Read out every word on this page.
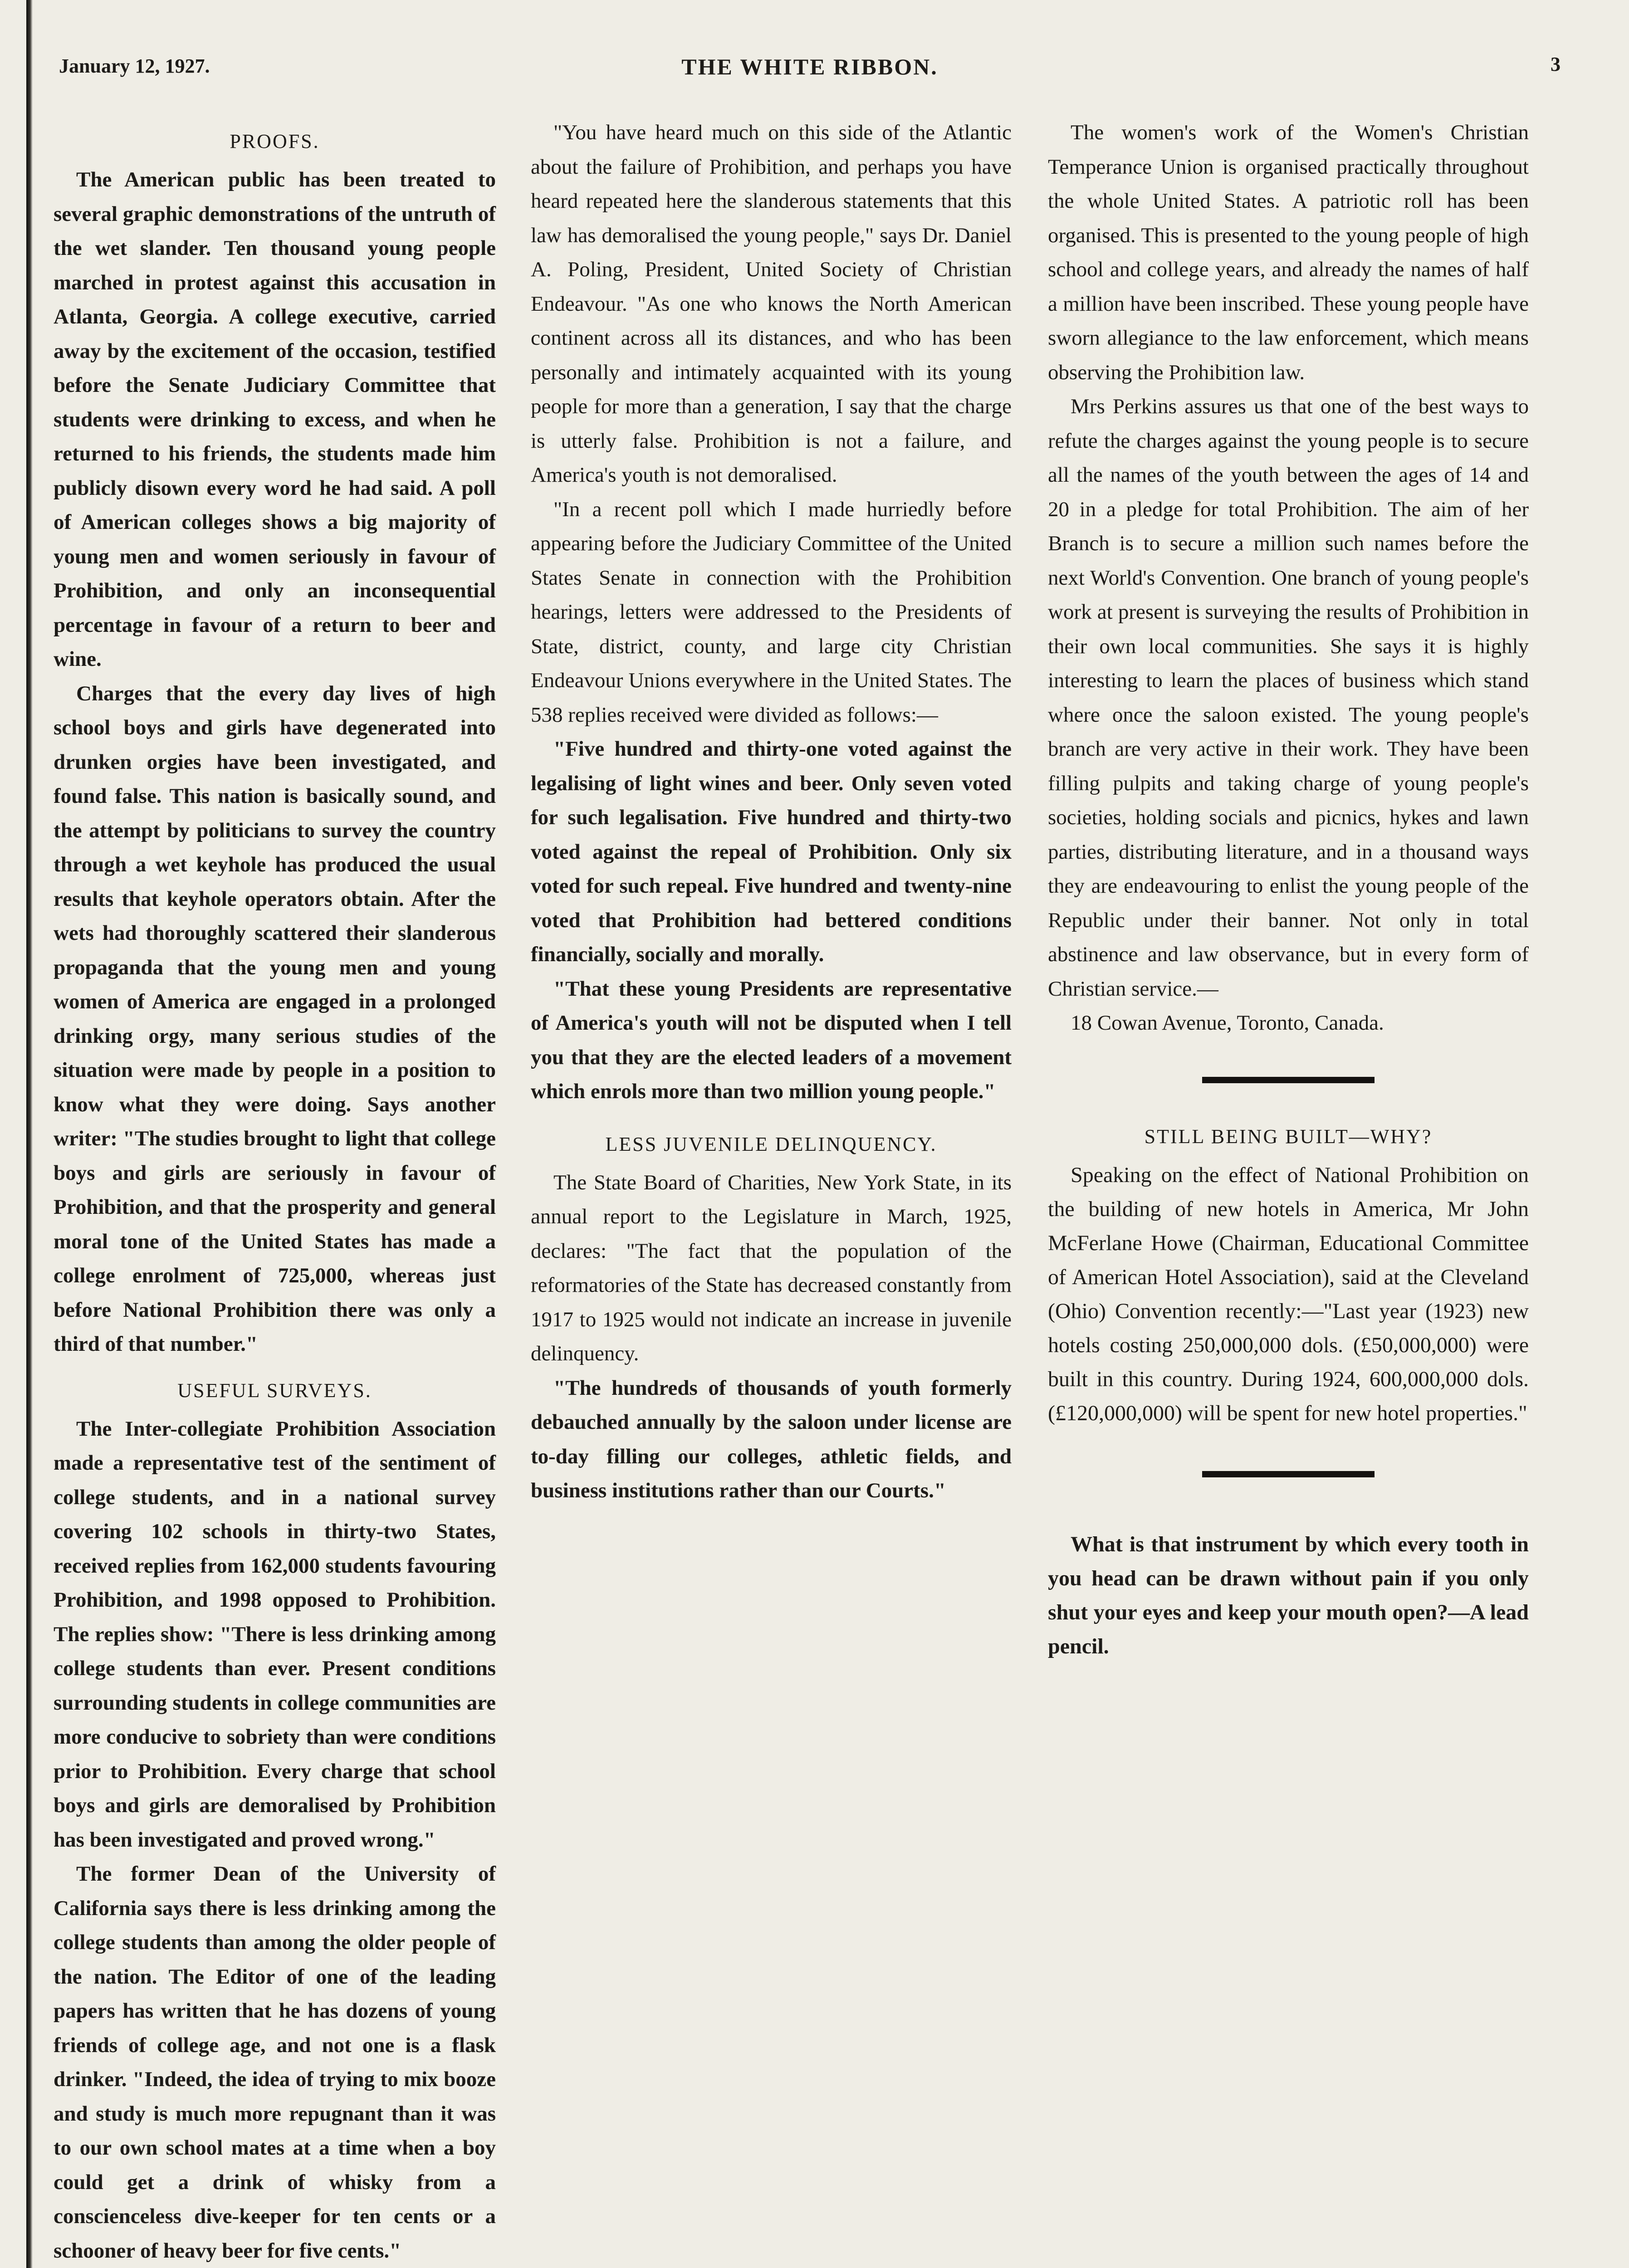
January 12, 1927.	THE WHITE RIBBON.	3
PROOFS.

The American public has been treated to several graphic demonstrations of the untruth of the wet slander. Ten thousand young people marched in protest against this accusation in Atlanta, Georgia. A college executive, carried away by the excitement of the occasion, testified before the Senate Judiciary Committee that students were drinking to excess, and when he returned to his friends, the students made him publicly disown every word he had said. A poll of American colleges shows a big majority of young men and women seriously in favour of Prohibition, and only an inconsequential percentage in favour of a return to beer and wine.

Charges that the every day lives of high school boys and girls have degenerated into drunken orgies have been investigated, and found false. This nation is basically sound, and the attempt by politicians to survey the country through a wet keyhole has produced the usual results that keyhole operators obtain. After the wets had thoroughly scattered their slanderous propaganda that the young men and young women of America are engaged in a prolonged drinking orgy, many serious studies of the situation were made by people in a position to know what they were doing. Says another writer: "The studies brought to light that college boys and girls are seriously in favour of Prohibition, and that the prosperity and general moral tone of the United States has made a college enrolment of 725,000, whereas just before National Prohibition there was only a third of that number."

USEFUL SURVEYS.

The Inter-collegiate Prohibition Association made a representative test of the sentiment of college students, and in a national survey covering 102 schools in thirty-two States, received replies from 162,000 students favouring Prohibition, and 1998 opposed to Prohibition. The replies show: "There is less drinking among college students than ever. Present conditions surrounding students in college communities are more conducive to sobriety than were conditions prior to Prohibition. Every charge that school boys and girls are demoralised by Prohibition has been investigated and proved wrong."

The former Dean of the University of California says there is less drinking among the college students than among the older people of the nation. The Editor of one of the leading papers has written that he has dozens of young friends of college age, and not one is a flask drinker. "Indeed, the idea of trying to mix booze and study is much more repugnant than it was to our own school mates at a time when a boy could get a drink of whisky from a conscienceless dive-keeper for ten cents or a schooner of heavy beer for five cents."

"You have heard much on this side of the Atlantic about the failure of Prohibition, and perhaps you have heard repeated here the slanderous statements that this law has demoralised the young people," says Dr. Daniel A. Poling, President, United Society of Christian Endeavour. "As one who knows the North American continent across all its distances, and who has been personally and intimately acquainted with its young people for more than a generation, I say that the charge is utterly false. Prohibition is not a failure, and America's youth is not demoralised.

"In a recent poll which I made hurriedly before appearing before the Judiciary Committee of the United States Senate in connection with the Prohibition hearings, letters were addressed to the Presidents of State, district, county, and large city Christian Endeavour Unions everywhere in the United States. The 538 replies received were divided as follows:—

"Five hundred and thirty-one voted against the legalising of light wines and beer. Only seven voted for such legalisation. Five hundred and thirty-two voted against the repeal of Prohibition. Only six voted for such repeal. Five hundred and twenty-nine voted that Prohibition had bettered conditions financially, socially and morally.

"That these young Presidents are representative of America's youth will not be disputed when I tell you that they are the elected leaders of a movement which enrols more than two million young people."

LESS JUVENILE DELINQUENCY.

The State Board of Charities, New York State, in its annual report to the Legislature in March, 1925, declares: "The fact that the population of the reformatories of the State has decreased constantly from 1917 to 1925 would not indicate an increase in juvenile delinquency.

"The hundreds of thousands of youth formerly debauched annually by the saloon under license are to-day filling our colleges, athletic fields, and business institutions rather than our Courts."

The women's work of the Women's Christian Temperance Union is organised practically throughout the whole United States. A patriotic roll has been organised. This is presented to the young people of high school and college years, and already the names of half a million have been inscribed. These young people have sworn allegiance to the law enforcement, which means observing the Prohibition law.

Mrs Perkins assures us that one of the best ways to refute the charges against the young people is to secure all the names of the youth between the ages of 14 and 20 in a pledge for total Prohibition. The aim of her Branch is to secure a million such names before the next World's Convention. One branch of young people's work at present is surveying the results of Prohibition in their own local communities. She says it is highly interesting to learn the places of business which stand where once the saloon existed. The young people's branch are very active in their work. They have been filling pulpits and taking charge of young people's societies, holding socials and picnics, hykes and lawn parties, distributing literature, and in a thousand ways they are endeavouring to enlist the young people of the Republic under their banner. Not only in total abstinence and law observance, but in every form of Christian service.—

18 Cowan Avenue, Toronto, Canada.

STILL BEING BUILT—WHY?

Speaking on the effect of National Prohibition on the building of new hotels in America, Mr John McFerlane Howe (Chairman, Educational Committee of American Hotel Association), said at the Cleveland (Ohio) Convention recently:—"Last year (1923) new hotels costing 250,000,000 dols. (£50,000,000) were built in this country. During 1924, 600,000,000 dols. (£120,000,000) will be spent for new hotel properties."

What is that instrument by which every tooth in you head can be drawn without pain if you only shut your eyes and keep your mouth open?—A lead pencil.
